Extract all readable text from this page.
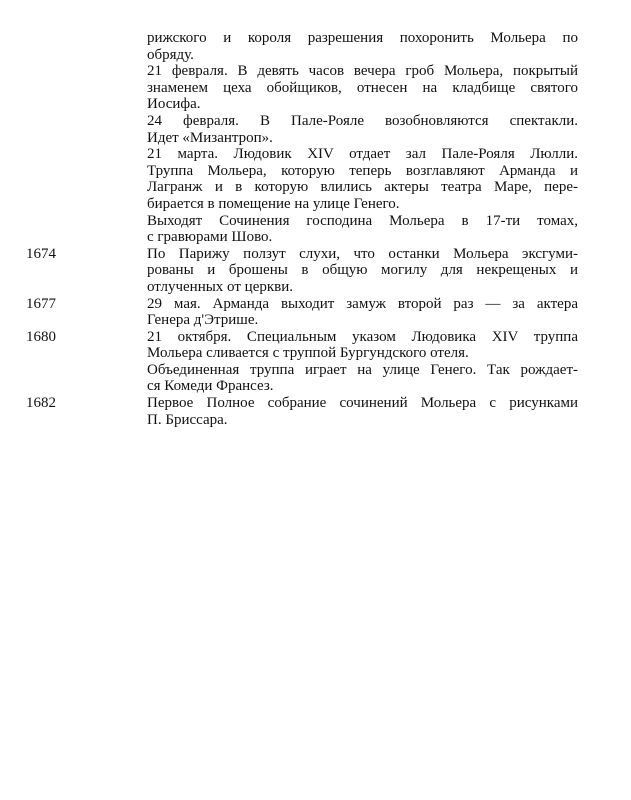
рижского и короля разрешения похоронить Мольера по
обряду.
21 февраля. В девять часов вечера гроб Мольера, покрытый
знаменем цеха обойщиков, отнесен на кладбище святого
Иосифа.
24 февраля. В Пале-Рояле возобновляются спектакли.
Идет «Мизантроп».
21 марта. Людовик XIV отдает зал Пале-Рояля Люлли.
Труппа Мольера, которую теперь возглавляют Арманда и
Лагранж и в которую влились актеры театра Маре, пере-
бирается в помещение на улице Генего.
Выходят Сочинения господина Мольера в 17-ти томах,
с гравюрами Шово.
1674	По Парижу ползут слухи, что останки Мольера эксгуми-
рованы и брошены в общую могилу для некрещеных и
отлученных от церкви.
1677	29 мая. Арманда выходит замуж второй раз — за актера
Генера д'Этрише.
1680	21 октября. Специальным указом Людовика XIV труппа
Мольера сливается с труппой Бургундского отеля.
Объединенная труппа играет на улице Генего. Так рождает-
ся Комеди Франсез.
1682	Первое Полное собрание сочинений Мольера с рисунками
П. Бриссара.
